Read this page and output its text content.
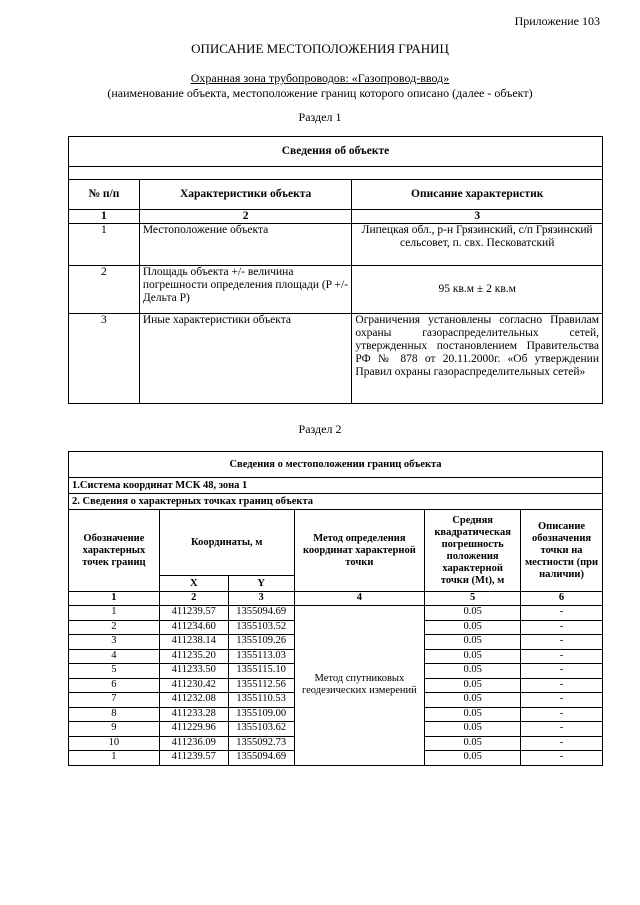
Приложение 103
ОПИСАНИЕ МЕСТОПОЛОЖЕНИЯ ГРАНИЦ
Охранная зона трубопроводов: «Газопровод-ввод»
(наименование объекта, местоположение границ которого описано (далее - объект)
Раздел 1
Сведения об объекте		

№ п/п	Характеристики объекта	Описание характеристик
1	2	3
1	Местоположение объекта	Липецкая обл., р-н Грязинский, с/п Грязинский сельсовет, п. свх. Песковатский
2	Площадь объекта +/- величина погрешности определения площади (P +/- Дельта P)	95 кв.м ± 2 кв.м
3	Иные характеристики объекта	Ограничения установлены согласно Правилам охраны газораспределительных сетей, утвержденных постановлением Правительства РФ № 878 от 20.11.2000г. «Об утверждении Правил охраны газораспределительных сетей»
Раздел 2
Сведения о местоположении границ объекта					
1.Система координат МСК 48, зона 1					
2. Сведения о характерных точках границ объекта					
Обозначение характерных точек границ	Координаты, м		Метод определения координат характерной точки	Средняя квадратическая погрешность положения характерной точки (Mt), м	Описание обозначения точки на местности (при наличии)
	X	Y			
1	2	3	4	5	6
1	411239.57	1355094.69	Метод спутниковых геодезических измерений	0.05	-
2	411234.60	1355103.52		0.05	-
3	411238.14	1355109.26		0.05	-
4	411235.20	1355113.03		0.05	-
5	411233.50	1355115.10		0.05	-
6	411230.42	1355112.56		0.05	-
7	411232.08	1355110.53		0.05	-
8	411233.28	1355109.00		0.05	-
9	411229.96	1355103.62		0.05	-
10	411236.09	1355092.73		0.05	-
1	411239.57	1355094.69		0.05	-
